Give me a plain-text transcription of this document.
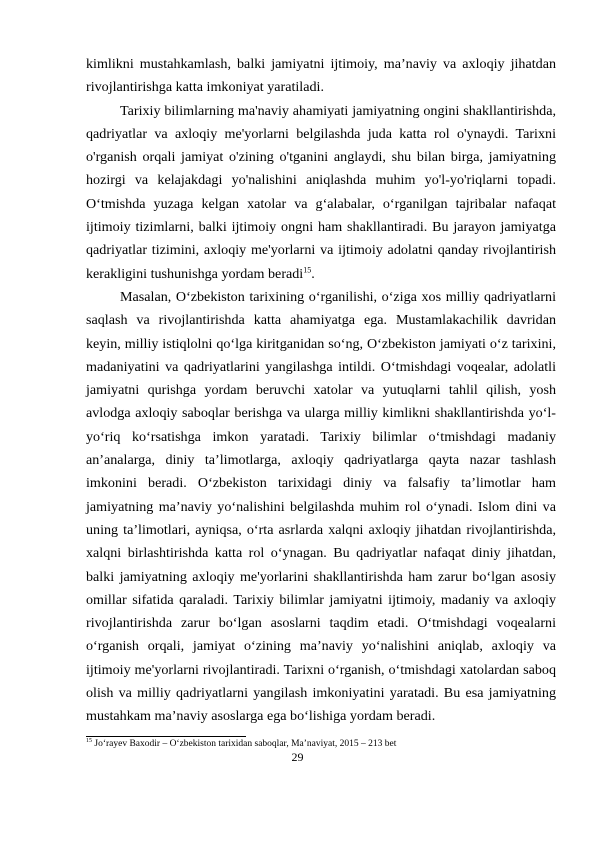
kimlikni mustahkamlash, balki jamiyatni ijtimoiy, ma’naviy va axloqiy jihatdan rivojlantirishga katta imkoniyat yaratiladi.

Tarixiy bilimlarning ma'naviy ahamiyati jamiyatning ongini shakllantirishda, qadriyatlar va axloqiy me'yorlarni belgilashda juda katta rol o'ynaydi. Tarixni o'rganish orqali jamiyat o'zining o'tganini anglaydi, shu bilan birga, jamiyatning hozirgi va kelajakdagi yo'nalishini aniqlashda muhim yo'l-yo'riqlarni topadi. O‘tmishda yuzaga kelgan xatolar va g‘alabalar, o‘rganilgan tajribalar nafaqat ijtimoiy tizimlarni, balki ijtimoiy ongni ham shakllantiradi. Bu jarayon jamiyatga qadriyatlar tizimini, axloqiy me'yorlarni va ijtimoiy adolatni qanday rivojlantirish kerakligini tushunishga yordam beradi$^{15}$.

Masalan, O‘zbekiston tarixining o‘rganilishi, o‘ziga xos milliy qadriyatlarni saqlash va rivojlantirishda katta ahamiyatga ega. Mustamlakachilik davridan keyin, milliy istiqlolni qo‘lga kiritganidan so‘ng, O‘zbekiston jamiyati o‘z tarixini, madaniyatini va qadriyatlarini yangilashga intildi. O‘tmishdagi voqealar, adolatli jamiyatni qurishga yordam beruvchi xatolar va yutuqlarni tahlil qilish, yosh avlodga axloqiy saboqlar berishga va ularga milliy kimlikni shakllantirishda yo‘l-yo‘riq ko‘rsatishga imkon yaratadi. Tarixiy bilimlar o‘tmishdagi madaniy an’analarga, diniy ta’limotlarga, axloqiy qadriyatlarga qayta nazar tashlash imkonini beradi. O‘zbekiston tarixidagi diniy va falsafiy ta’limotlar ham jamiyatning ma’naviy yo‘nalishini belgilashda muhim rol o‘ynadi. Islom dini va uning ta’limotlari, ayniqsa, o‘rta asrlarda xalqni axloqiy jihatdan rivojlantirishda, xalqni birlashtirishda katta rol o‘ynagan. Bu qadriyatlar nafaqat diniy jihatdan, balki jamiyatning axloqiy me'yorlarini shakllantirishda ham zarur bo‘lgan asosiy omillar sifatida qaraladi. Tarixiy bilimlar jamiyatni ijtimoiy, madaniy va axloqiy rivojlantirishda zarur bo‘lgan asoslarni taqdim etadi. O‘tmishdagi voqealarni o‘rganish orqali, jamiyat o‘zining ma’naviy yo‘nalishini aniqlab, axloqiy va ijtimoiy me'yorlarni rivojlantiradi. Tarixni o‘rganish, o‘tmishdagi xatolardan saboq olish va milliy qadriyatlarni yangilash imkoniyatini yaratadi. Bu esa jamiyatning mustahkam ma’naviy asoslarga ega bo‘lishiga yordam beradi.

$^{15}$ Jo‘rayev Baxodir – O‘zbekiston tarixidan saboqlar, Ma’naviyat, 2015 – 213 bet
29
